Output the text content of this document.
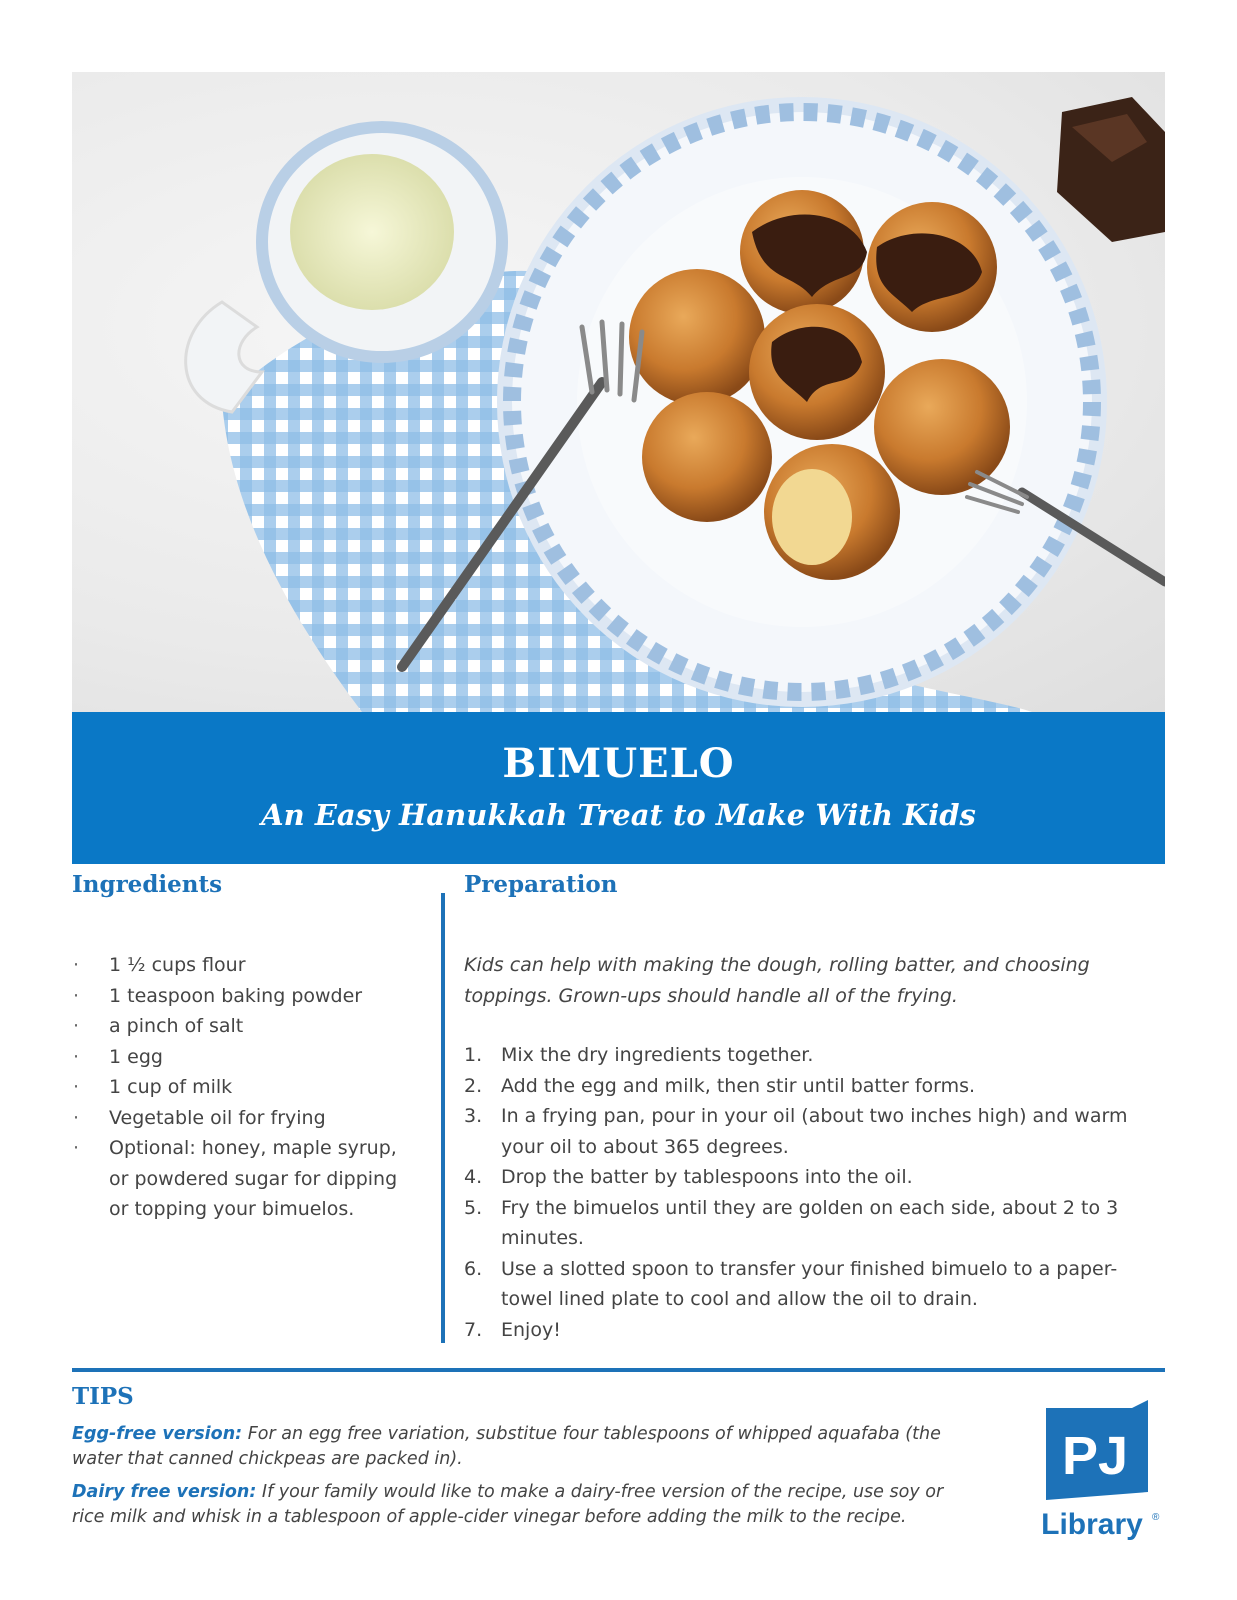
BIMUELO
An Easy Hanukkah Treat to Make With Kids
Ingredients
· 1 ½ cups flour
· 1 teaspoon baking powder
· a pinch of salt
· 1 egg
· 1 cup of milk
· Vegetable oil for frying
· Optional: honey, maple syrup, or powdered sugar for dipping or topping your bimuelos.
Preparation
Kids can help with making the dough, rolling batter, and choosing toppings. Grown-ups should handle all of the frying.
1. Mix the dry ingredients together.
2. Add the egg and milk, then stir until batter forms.
3. In a frying pan, pour in your oil (about two inches high) and warm your oil to about 365 degrees.
4. Drop the batter by tablespoons into the oil.
5. Fry the bimuelos until they are golden on each side, about 2 to 3 minutes.
6. Use a slotted spoon to transfer your finished bimuelo to a paper-towel lined plate to cool and allow the oil to drain.
7. Enjoy!
TIPS
Egg-free version: For an egg free variation, substitue four tablespoons of whipped aquafaba (the water that canned chickpeas are packed in).
Dairy free version: If your family would like to make a dairy-free version of the recipe, use soy or rice milk and whisk in a tablespoon of apple-cider vinegar before adding the milk to the recipe.
PJ
Library ®
